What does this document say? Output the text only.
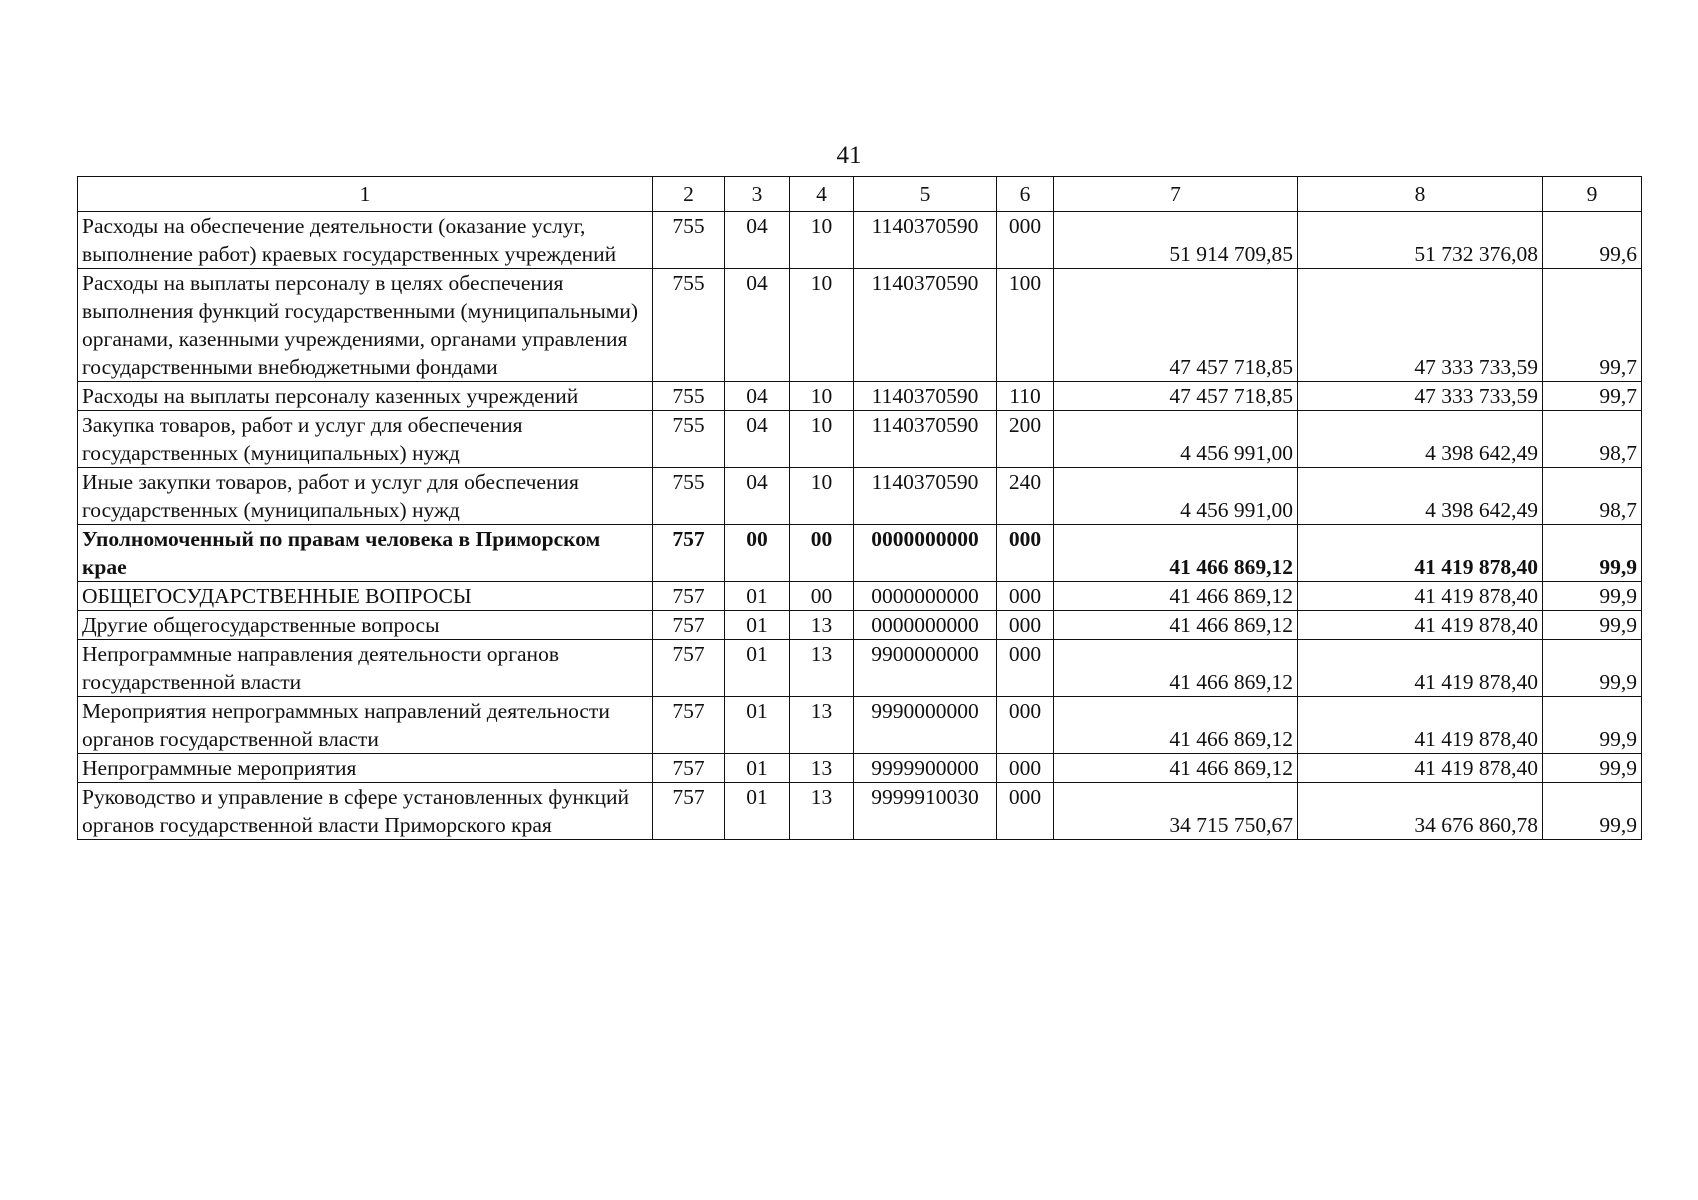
41
1	2	3	4	5	6	7	8	9
Расходы на обеспечение деятельности (оказание услуг, выполнение работ) краевых государственных учреждений	755	04	10	1140370590	000	51 914 709,85	51 732 376,08	99,6
Расходы на выплаты персоналу в целях обеспечения выполнения функций государственными (муниципальными) органами, казенными учреждениями, органами управления государственными внебюджетными фондами	755	04	10	1140370590	100	47 457 718,85	47 333 733,59	99,7
Расходы на выплаты персоналу казенных учреждений	755	04	10	1140370590	110	47 457 718,85	47 333 733,59	99,7
Закупка товаров, работ и услуг для обеспечения государственных (муниципальных) нужд	755	04	10	1140370590	200	4 456 991,00	4 398 642,49	98,7
Иные закупки товаров, работ и услуг для обеспечения государственных (муниципальных) нужд	755	04	10	1140370590	240	4 456 991,00	4 398 642,49	98,7
Уполномоченный по правам человека в Приморском крае	757	00	00	0000000000	000	41 466 869,12	41 419 878,40	99,9
ОБЩЕГОСУДАРСТВЕННЫЕ ВОПРОСЫ	757	01	00	0000000000	000	41 466 869,12	41 419 878,40	99,9
Другие общегосударственные вопросы	757	01	13	0000000000	000	41 466 869,12	41 419 878,40	99,9
Непрограммные направления деятельности органов государственной власти	757	01	13	9900000000	000	41 466 869,12	41 419 878,40	99,9
Мероприятия непрограммных направлений деятельности органов государственной власти	757	01	13	9990000000	000	41 466 869,12	41 419 878,40	99,9
Непрограммные мероприятия	757	01	13	9999900000	000	41 466 869,12	41 419 878,40	99,9
Руководство и управление в сфере установленных функций органов государственной власти Приморского края	757	01	13	9999910030	000	34 715 750,67	34 676 860,78	99,9
